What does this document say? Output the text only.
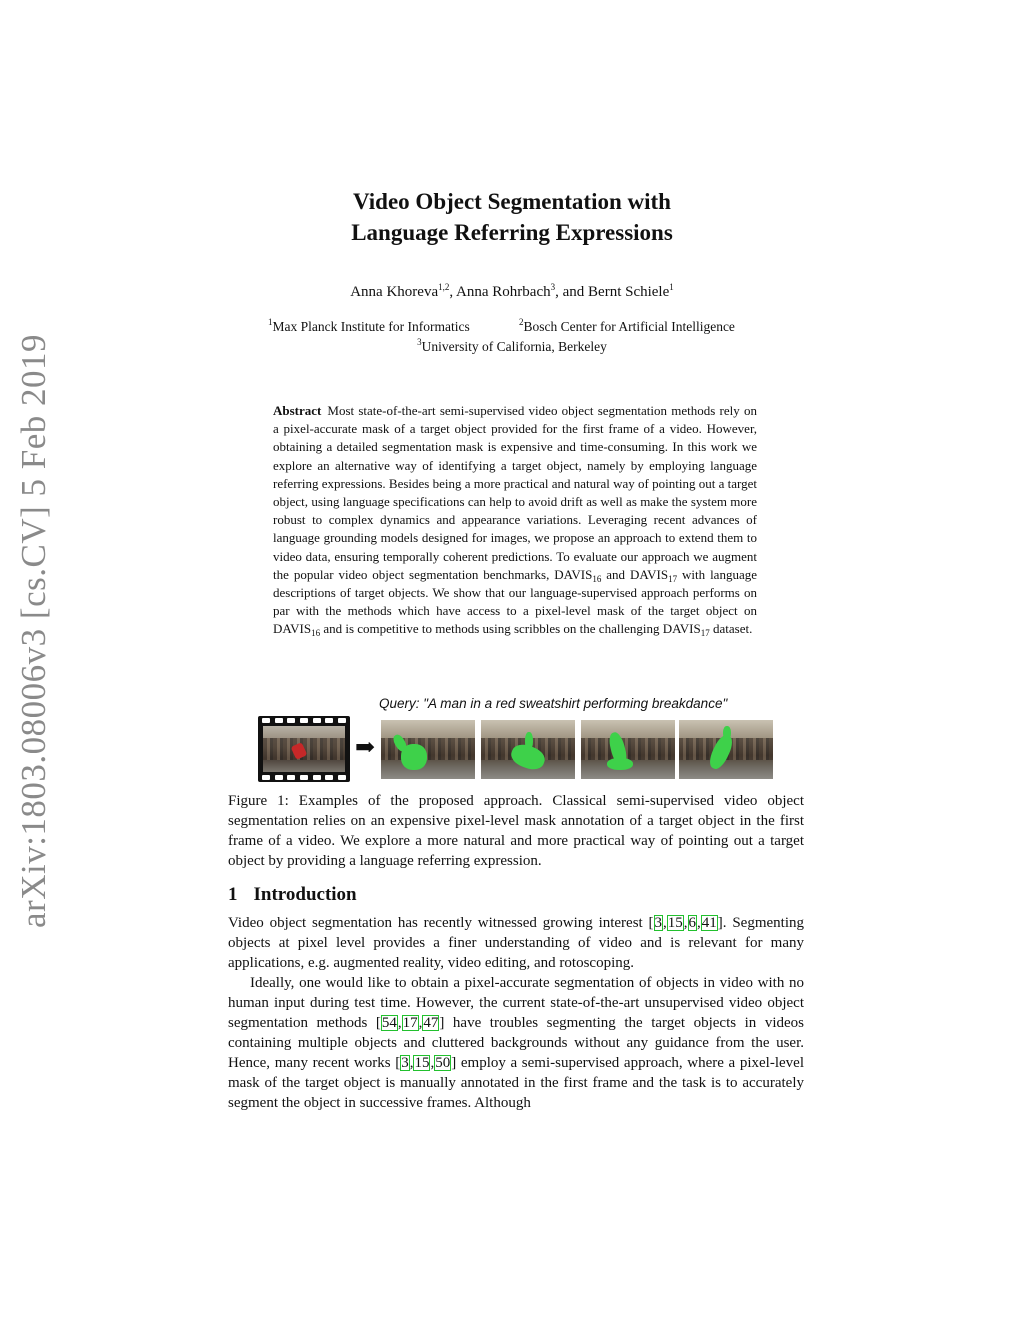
arXiv:1803.08006v3 [cs.CV] 5 Feb 2019
Video Object Segmentation with
Language Referring Expressions
Anna Khoreva$^{1,2}$, Anna Rohrbach$^3$, and Bernt Schiele$^1$
$^1$Max Planck Institute for Informatics	$^2$Bosch Center for Artificial Intelligence
$^3$University of California, Berkeley
Abstract Most state-of-the-art semi-supervised video object segmentation methods rely on a pixel-accurate mask of a target object provided for the first frame of a video. However, obtaining a detailed segmentation mask is expensive and time-consuming. In this work we explore an alternative way of identifying a target object, namely by employing language referring expressions. Besides being a more practical and natural way of pointing out a target object, using language specifications can help to avoid drift as well as make the system more robust to complex dynamics and appearance variations. Leveraging recent advances of language grounding models designed for images, we propose an approach to extend them to video data, ensuring temporally coherent predictions. To evaluate our approach we augment the popular video object segmentation benchmarks, $DAVIS_{16}$ and $DAVIS_{17}$ with language descriptions of target objects. We show that our language-supervised approach performs on par with the methods which have access to a pixel-level mask of the target object on $DAVIS_{16}$ and is competitive to methods using scribbles on the challenging $DAVIS_{17}$ dataset.
Query: "A man in a red sweatshirt performing breakdance"
➡
Figure 1: Examples of the proposed approach. Classical semi-supervised video object segmentation relies on an expensive pixel-level mask annotation of a target object in the first frame of a video. We explore a more natural and more practical way of pointing out a target object by providing a language referring expression.
1 Introduction

Video object segmentation has recently witnessed growing interest [3,15,6,41]. Segmenting objects at pixel level provides a finer understanding of video and is relevant for many applications, e.g. augmented reality, video editing, and rotoscoping.

Ideally, one would like to obtain a pixel-accurate segmentation of objects in video with no human input during test time. However, the current state-of-the-art unsupervised video object segmentation methods [54,17,47] have troubles segmenting the target objects in videos containing multiple objects and cluttered backgrounds without any guidance from the user. Hence, many recent works [3,15,50] employ a semi-supervised approach, where a pixel-level mask of the target object is manually annotated in the first frame and the task is to accurately segment the object in successive frames. Although
